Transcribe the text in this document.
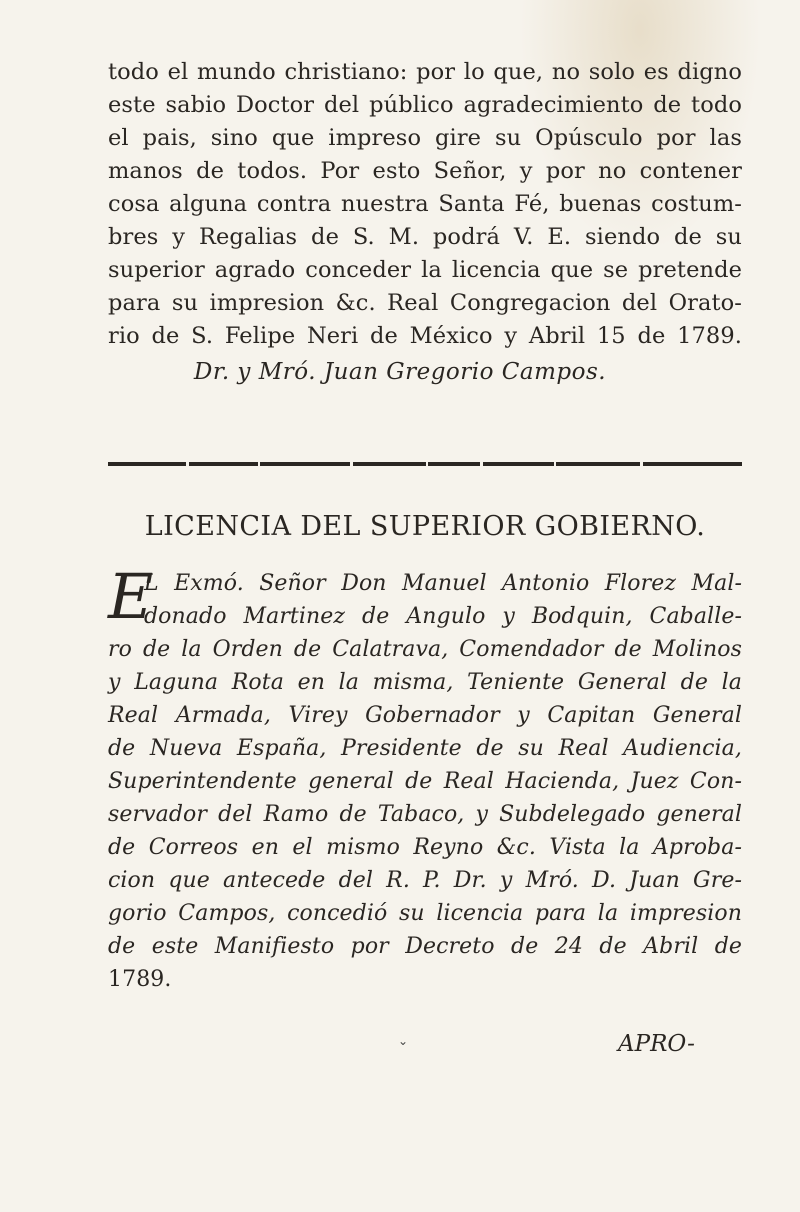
todo el mundo christiano: por lo que, no solo es digno
este sabio Doctor del público agradecimiento de todo
el pais, sino que impreso gire su Opúsculo por las
manos de todos. Por esto Señor, y por no contener
cosa alguna contra nuestra Santa Fé, buenas costum-
bres y Regalias de S. M. podrá V. E. siendo de su
superior agrado conceder la licencia que se pretende
para su impresion &c. Real Congregacion del Orato-
rio de S. Felipe Neri de México y Abril 15 de 1789.
Dr. y Mró. Juan Gregorio Campos.
LICENCIA DEL SUPERIOR GOBIERNO.
E
L Exmó. Señor Don Manuel Antonio Florez Mal-
donado Martinez de Angulo y Bodquin, Caballe-
ro de la Orden de Calatrava, Comendador de Molinos
y Laguna Rota en la misma, Teniente General de la
Real Armada, Virey Gobernador y Capitan General
de Nueva España, Presidente de su Real Audiencia,
Superintendente general de Real Hacienda, Juez Con-
servador del Ramo de Tabaco, y Subdelegado general
de Correos en el mismo Reyno &c. Vista la Aproba-
cion que antecede del R. P. Dr. y Mró. D. Juan Gre-
gorio Campos, concedió su licencia para la impresion
de este Manifiesto por Decreto de 24 de Abril de
1789.
⌄	APRO-
